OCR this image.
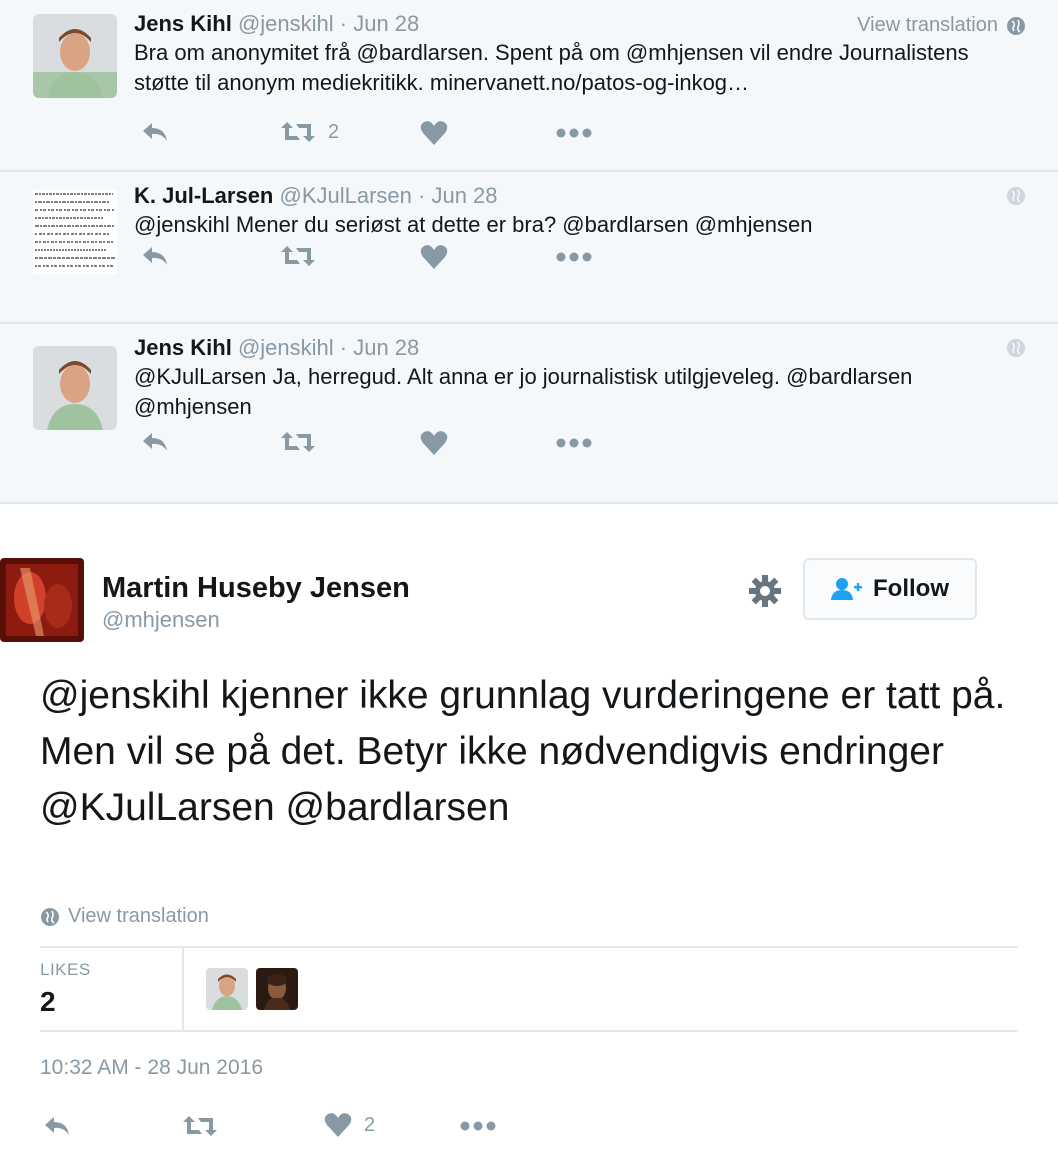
Jens Kihl @jenskihl · Jun 28	View translation
Bra om anonymitet frå @bardlarsen. Spent på om @mhjensen vil endre Journalistens støtte til anonym mediekritikk. minervanett.no/patos-og-inkog…
2
K. Jul-Larsen @KJulLarsen · Jun 28
@jenskihl Mener du seriøst at dette er bra? @bardlarsen @mhjensen
Jens Kihl @jenskihl · Jun 28
@KJulLarsen Ja, herregud. Alt anna er jo journalistisk utilgjeveleg. @bardlarsen @mhjensen
Martin Huseby Jensen
@mhjensen
Follow
@jenskihl kjenner ikke grunnlag vurderingene er tatt på. Men vil se på det. Betyr ikke nødvendigvis endringer @KJulLarsen @bardlarsen
View translation
LIKES
2
10:32 AM - 28 Jun 2016
2
